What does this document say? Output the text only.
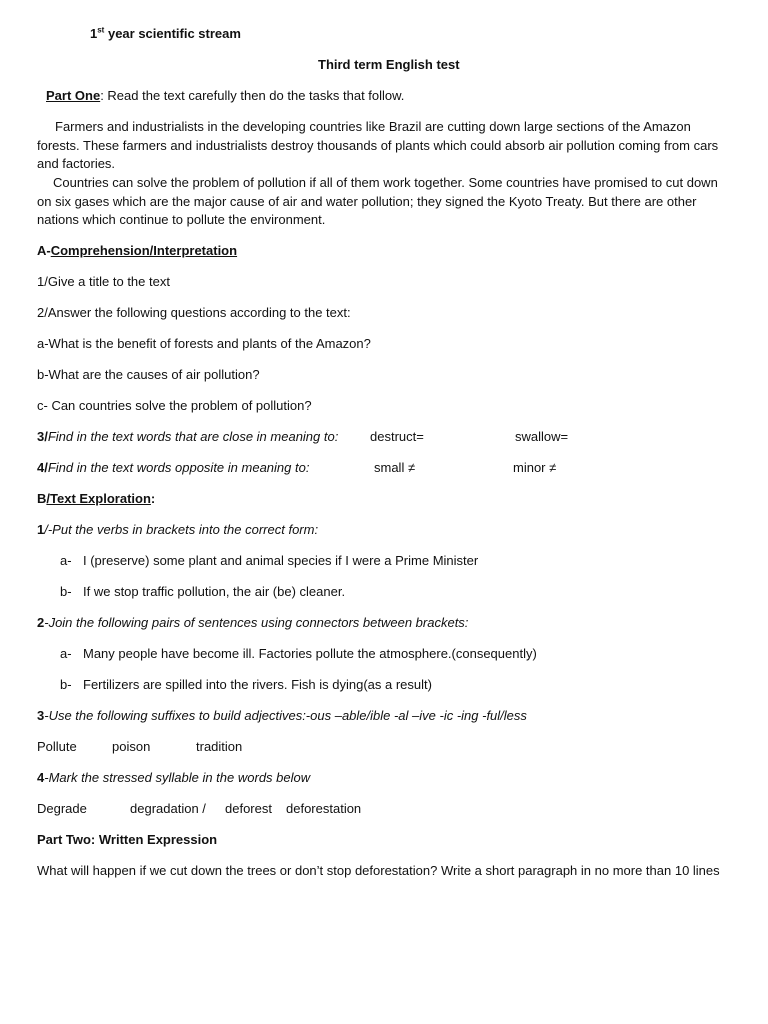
1st year scientific stream
Third term English test
Part One: Read the text carefully then do the tasks that follow.
Farmers and industrialists in the developing countries like Brazil are cutting down large sections of the Amazon forests. These farmers and industrialists destroy thousands of plants which could absorb air pollution coming from cars and factories.
Countries can solve the problem of pollution if all of them work together. Some countries have promised to cut down on six gases which are the major cause of air and water pollution; they signed the Kyoto Treaty. But there are other nations which continue to pollute the environment.
A-Comprehension/Interpretation
1/Give a title to the text
2/Answer the following questions according to the text:
a-What is the benefit of forests and plants of the Amazon?
b-What are the causes of air pollution?
c- Can countries solve the problem of pollution?
3/Find in the text words that are close in meaning to: destruct=	swallow=
4/Find in the text words opposite in meaning to:	small ≠	minor ≠
B/Text Exploration:
1/-Put the verbs in brackets into the correct form:
a- I (preserve) some plant and animal species if I were a Prime Minister
b- If we stop traffic pollution, the air (be) cleaner.
2-Join the following pairs of sentences using connectors between brackets:
a- Many people have become ill. Factories pollute the atmosphere.(consequently)
b- Fertilizers are spilled into the rivers. Fish is dying(as a result)
3-Use the following suffixes to build adjectives:-ous –able/ible -al –ive -ic -ing -ful/less
Pollute	poison	tradition
4-Mark the stressed syllable in the words below
Degrade	degradation / deforest deforestation
Part Two: Written Expression
What will happen if we cut down the trees or don’t stop deforestation? Write a short paragraph in no more than 10 lines
